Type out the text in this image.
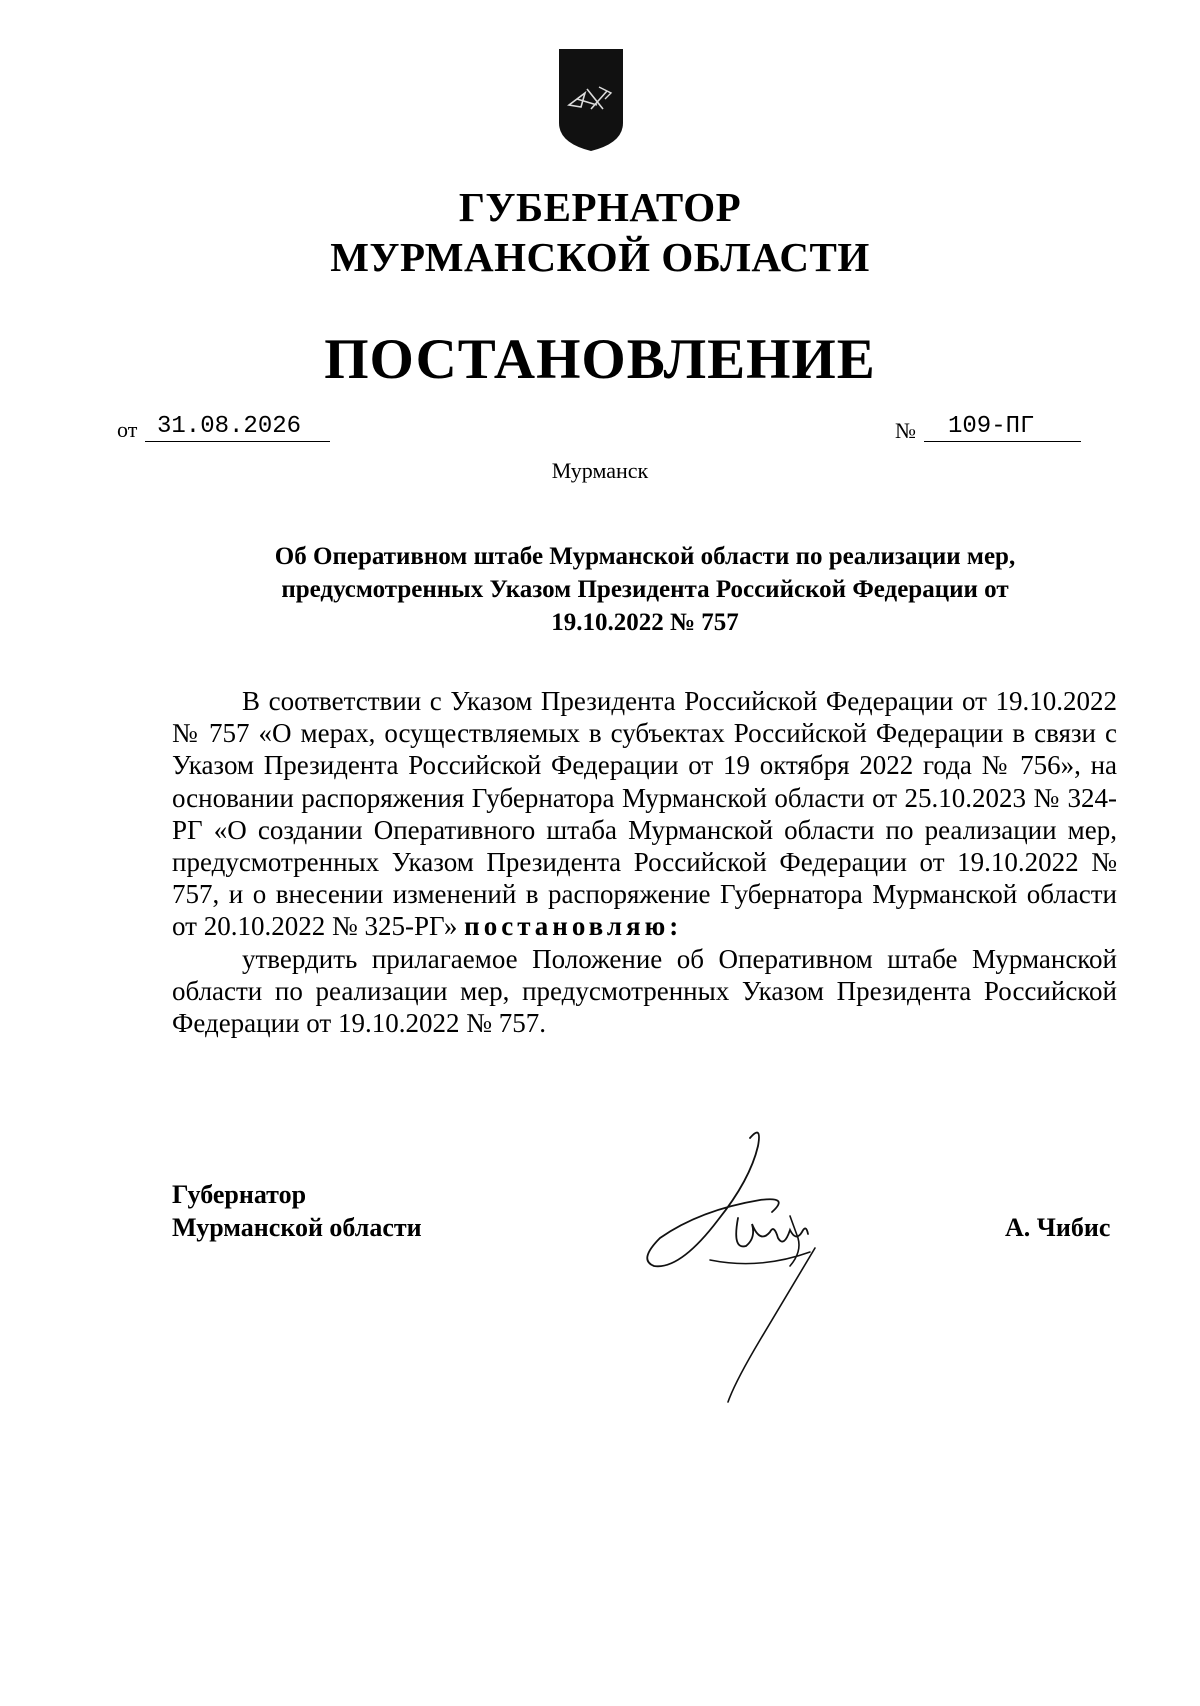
ГУБЕРНАТОР
МУРМАНСКОЙ ОБЛАСТИ
ПОСТАНОВЛЕНИЕ
от 31.08.2026	№	109-ПГ
Мурманск
Об Оперативном штабе Мурманской области по реализации мер,
предусмотренных Указом Президента Российской Федерации от
19.10.2022 № 757

В соответствии с Указом Президента Российской Федерации от 19.10.2022 № 757 «О мерах, осуществляемых в субъектах Российской Федерации в связи с Указом Президента Российской Федерации от 19 октября 2022 года № 756», на основании распоряжения Губернатора Мурманской области от 25.10.2023 № 324-РГ «О создании Оперативного штаба Мурманской области по реализации мер, предусмотренных Указом Президента Российской Федерации от 19.10.2022 № 757, и о внесении изменений в распоряжение Губернатора Мурманской области от 20.10.2022 № 325-РГ» постановляю:

утвердить прилагаемое Положение об Оперативном штабе Мурманской области по реализации мер, предусмотренных Указом Президента Российской Федерации от 19.10.2022 № 757.

Губернатор
Мурманской области	А. Чибис
